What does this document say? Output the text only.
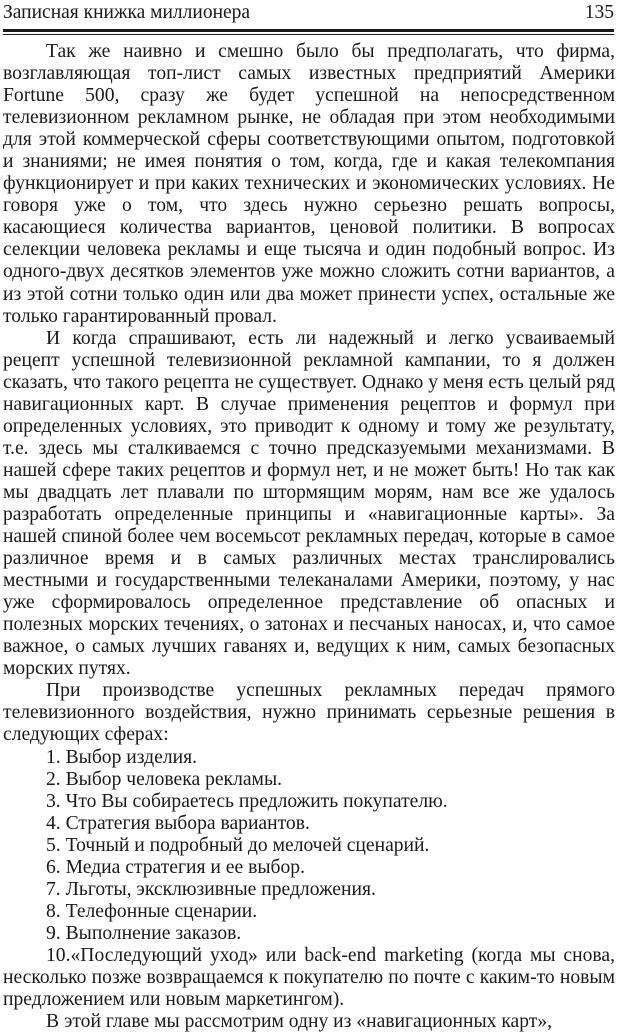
Записная книжка миллионера	135

Так же наивно и смешно было бы предполагать, что фирма, возглавляющая топ-лист самых известных предприятий Америки Fortune 500, сразу же будет успешной на непосредственном телевизионном рекламном рынке, не обладая при этом необходимыми для этой коммерческой сферы соответствующими опытом, подготовкой и знаниями; не имея понятия о том, когда, где и какая телекомпания функционирует и при каких технических и экономических условиях. Не говоря уже о том, что здесь нужно серьезно решать вопросы, касающиеся количества вариантов, ценовой политики. В вопросах селекции человека рекламы и еще тысяча и один подобный вопрос. Из одного-двух десятков элементов уже можно сложить сотни вариантов, а из этой сотни только один или два может принести успех, остальные же только гарантированный провал.

И когда спрашивают, есть ли надежный и легко усваиваемый рецепт успешной телевизионной рекламной кампании, то я должен сказать, что такого рецепта не существует. Однако у меня есть целый ряд навигационных карт. В случае применения рецептов и формул при определенных условиях, это приводит к одному и тому же результату, т.е. здесь мы сталкиваемся с точно предсказуемыми механизмами. В нашей сфере таких рецептов и формул нет, и не может быть! Но так как мы двадцать лет плавали по штормящим морям, нам все же удалось разработать определенные принципы и «навигационные карты». За нашей спиной более чем восемьсот рекламных передач, которые в самое различное время и в самых различных местах транслировались местными и государственными телеканалами Америки, поэтому, у нас уже сформировалось определенное представление об опасных и полезных морских течениях, о затонах и песчаных наносах, и, что самое важное, о самых лучших гаванях и, ведущих к ним, самых безопасных морских путях.

При производстве успешных рекламных передач прямого телевизионного воздействия, нужно принимать серьезные решения в следующих сферах:

1. Выбор изделия.
2. Выбор человека рекламы.
3. Что Вы собираетесь предложить покупателю.
4. Стратегия выбора вариантов.
5. Точный и подробный до мелочей сценарий.
6. Медиа стратегия и ее выбор.
7. Льготы, эксклюзивные предложения.
8. Телефонные сценарии.
9. Выполнение заказов.

10.«Последующий уход» или back-end marketing (когда мы снова, несколько позже возвращаемся к покупателю по почте с каким-то новым предложением или новым маркетингом).

В этой главе мы рассмотрим одну из «навигационных карт»,
